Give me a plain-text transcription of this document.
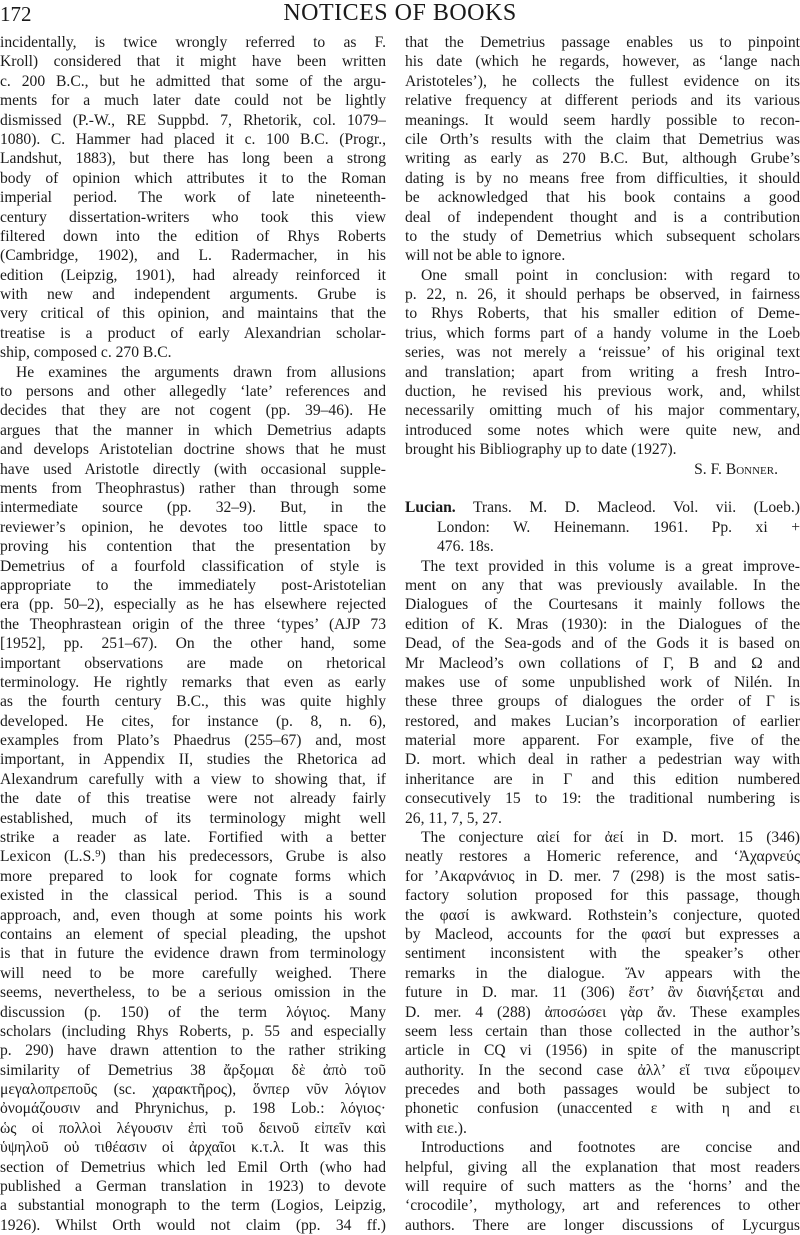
172	NOTICES OF BOOKS
incidentally, is twice wrongly referred to as F.
Kroll) considered that it might have been written
c. 200 B.C., but he admitted that some of the argu-
ments for a much later date could not be lightly
dismissed (P.-W., RE Suppbd. 7, Rhetorik, col. 1079–
1080). C. Hammer had placed it c. 100 B.C. (Progr.,
Landshut, 1883), but there has long been a strong
body of opinion which attributes it to the Roman
imperial period. The work of late nineteenth-
century dissertation-writers who took this view
filtered down into the edition of Rhys Roberts
(Cambridge, 1902), and L. Radermacher, in his
edition (Leipzig, 1901), had already reinforced it
with new and independent arguments. Grube is
very critical of this opinion, and maintains that the
treatise is a product of early Alexandrian scholar-
ship, composed c. 270 B.C.
He examines the arguments drawn from allusions
to persons and other allegedly ‘late’ references and
decides that they are not cogent (pp. 39–46). He
argues that the manner in which Demetrius adapts
and develops Aristotelian doctrine shows that he must
have used Aristotle directly (with occasional supple-
ments from Theophrastus) rather than through some
intermediate source (pp. 32–9). But, in the
reviewer’s opinion, he devotes too little space to
proving his contention that the presentation by
Demetrius of a fourfold classification of style is
appropriate to the immediately post-Aristotelian
era (pp. 50–2), especially as he has elsewhere rejected
the Theophrastean origin of the three ‘types’ (AJP 73
[1952], pp. 251–67). On the other hand, some
important observations are made on rhetorical
terminology. He rightly remarks that even as early
as the fourth century B.C., this was quite highly
developed. He cites, for instance (p. 8, n. 6),
examples from Plato’s Phaedrus (255–67) and, most
important, in Appendix II, studies the Rhetorica ad
Alexandrum carefully with a view to showing that, if
the date of this treatise were not already fairly
established, much of its terminology might well
strike a reader as late. Fortified with a better
Lexicon (L.S.⁹) than his predecessors, Grube is also
more prepared to look for cognate forms which
existed in the classical period. This is a sound
approach, and, even though at some points his work
contains an element of special pleading, the upshot
is that in future the evidence drawn from terminology
will need to be more carefully weighed. There
seems, nevertheless, to be a serious omission in the
discussion (p. 150) of the term λόγιος. Many
scholars (including Rhys Roberts, p. 55 and especially
p. 290) have drawn attention to the rather striking
similarity of Demetrius 38 ἄρξομαι δὲ ἀπὸ τοῦ
μεγαλοπρεποῦς (sc. χαρακτῆρος), ὅνπερ νῦν λόγιον
ὀνομάζουσιν and Phrynichus, p. 198 Lob.: λόγιος·
ὡς οἱ πολλοὶ λέγουσιν ἐπὶ τοῦ δεινοῦ εἰπεῖν καὶ
ὑψηλοῦ οὐ τιθέασιν οἱ ἀρχαῖοι κ.τ.λ. It was this
section of Demetrius which led Emil Orth (who had
published a German translation in 1923) to devote
a substantial monograph to the term (Logios, Leipzig,
1926). Whilst Orth would not claim (pp. 34 ff.)
that the Demetrius passage enables us to pinpoint
his date (which he regards, however, as ‘lange nach
Aristoteles’), he collects the fullest evidence on its
relative frequency at different periods and its various
meanings. It would seem hardly possible to recon-
cile Orth’s results with the claim that Demetrius was
writing as early as 270 B.C. But, although Grube’s
dating is by no means free from difficulties, it should
be acknowledged that his book contains a good
deal of independent thought and is a contribution
to the study of Demetrius which subsequent scholars
will not be able to ignore.
One small point in conclusion: with regard to
p. 22, n. 26, it should perhaps be observed, in fairness
to Rhys Roberts, that his smaller edition of Deme-
trius, which forms part of a handy volume in the Loeb
series, was not merely a ‘reissue’ of his original text
and translation; apart from writing a fresh Intro-
duction, he revised his previous work, and, whilst
necessarily omitting much of his major commentary,
introduced some notes which were quite new, and
brought his Bibliography up to date (1927).
S. F. Bonner.
Lucian. Trans. M. D. Macleod. Vol. vii. (Loeb.)
London: W. Heinemann. 1961. Pp. xi +
476. 18s.
The text provided in this volume is a great improve-
ment on any that was previously available. In the
Dialogues of the Courtesans it mainly follows the
edition of K. Mras (1930): in the Dialogues of the
Dead, of the Sea-gods and of the Gods it is based on
Mr Macleod’s own collations of Γ, B and Ω and
makes use of some unpublished work of Nilén. In
these three groups of dialogues the order of Γ is
restored, and makes Lucian’s incorporation of earlier
material more apparent. For example, five of the
D. mort. which deal in rather a pedestrian way with
inheritance are in Γ and this edition numbered
consecutively 15 to 19: the traditional numbering is
26, 11, 7, 5, 27.
The conjecture αἰεί for ἀεί in D. mort. 15 (346)
neatly restores a Homeric reference, and ‘Ἀχαρνεύς
for ’Ακαρνάνιος in D. mer. 7 (298) is the most satis-
factory solution proposed for this passage, though
the φασί is awkward. Rothstein’s conjecture, quoted
by Macleod, accounts for the φασί but expresses a
sentiment inconsistent with the speaker’s other
remarks in the dialogue. Ἄν appears with the
future in D. mar. 11 (306) ἔστ’ ἂν διανήξεται and
D. mer. 4 (288) ἀποσώσει γὰρ ἄν. These examples
seem less certain than those collected in the author’s
article in CQ vi (1956) in spite of the manuscript
authority. In the second case ἀλλ’ εἴ τινα εὕροιμεν
precedes and both passages would be subject to
phonetic confusion (unaccented ε with η and ει
with ειε.).
Introductions and footnotes are concise and
helpful, giving all the explanation that most readers
will require of such matters as the ‘horns’ and the
‘crocodile’, mythology, art and references to other
authors. There are longer discussions of Lycurgus
